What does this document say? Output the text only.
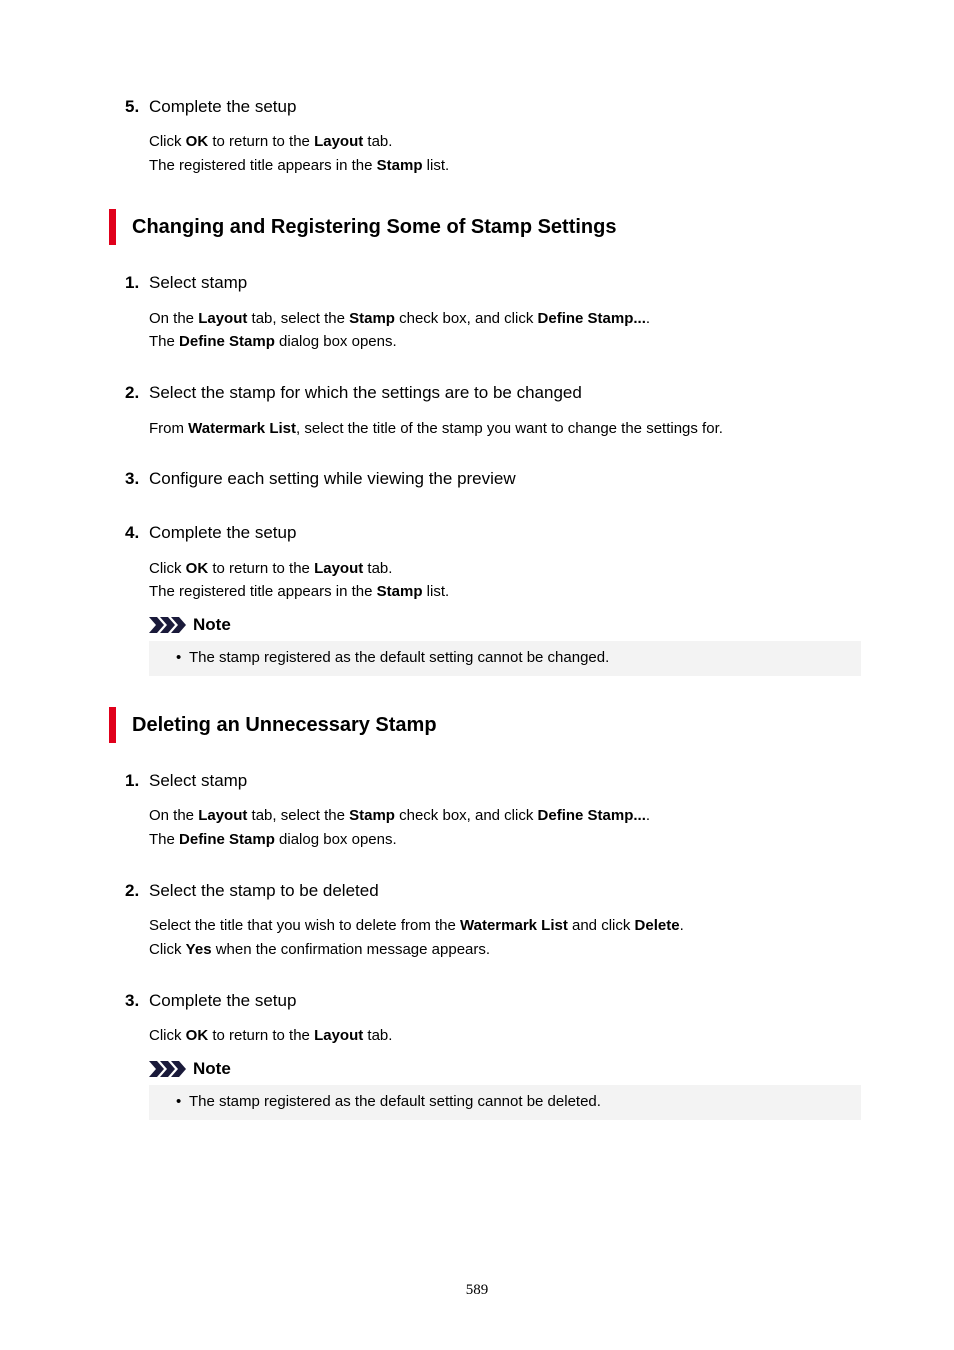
5. Complete the setup
Click OK to return to the Layout tab.
The registered title appears in the Stamp list.
Changing and Registering Some of Stamp Settings
1. Select stamp
On the Layout tab, select the Stamp check box, and click Define Stamp....
The Define Stamp dialog box opens.
2. Select the stamp for which the settings are to be changed
From Watermark List, select the title of the stamp you want to change the settings for.
3. Configure each setting while viewing the preview
4. Complete the setup
Click OK to return to the Layout tab.
The registered title appears in the Stamp list.
Note
• The stamp registered as the default setting cannot be changed.
Deleting an Unnecessary Stamp
1. Select stamp
On the Layout tab, select the Stamp check box, and click Define Stamp....
The Define Stamp dialog box opens.
2. Select the stamp to be deleted
Select the title that you wish to delete from the Watermark List and click Delete.
Click Yes when the confirmation message appears.
3. Complete the setup
Click OK to return to the Layout tab.
Note
• The stamp registered as the default setting cannot be deleted.
589
